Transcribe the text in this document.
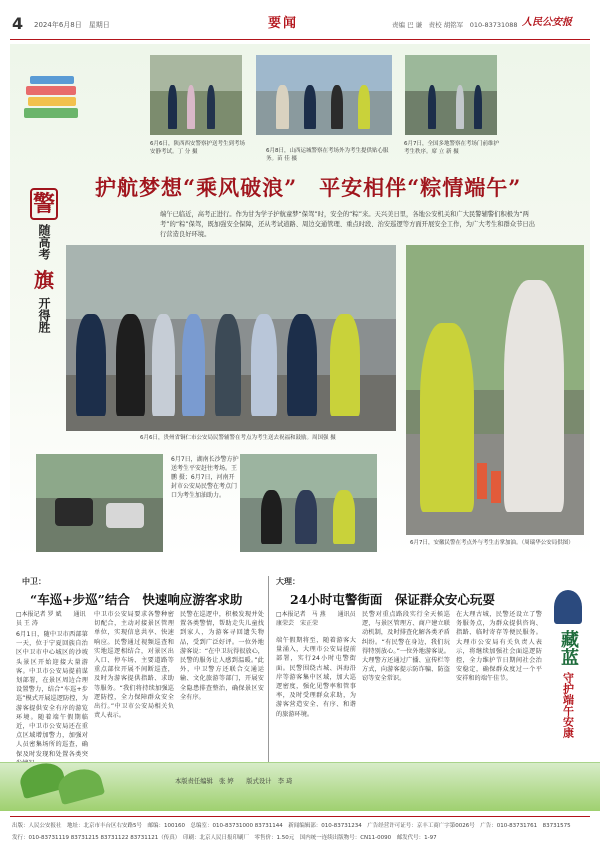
4 2024年6月8日　星期日	要闻	责编 巴 谦　责校 胡铭军　010-83731088 人民公安报
6月6日，陕西西安警察护送考生到考场安静考试。丁 分 摄	6月8日，山西运城警察在考场外为考生提供贴心服务。苗 佳 摄
6月7日，全国多地警察在考场门前维护考生秩序。席 立 新 摄
护航梦想“乘风破浪”　平安相伴“粽情端午”
警
随高考
旗
开得胜
端午已临近，高考正进行。作为甘为学子护航童梦“保驾”时，安全的“粽”来。天兴美日里，各地公安机关和广大民警辅警们积极为“两考”的“粽”保驾，既加强安全保障，还从考试道路、周边交通管理、重点时段、治安巡逻等方面开展安全工作，为广大考生和群众节日出行营造良好环境。
6月6日，贵州省铜仁市公安局民警辅警在考点为考生送去祝福和鼓励。周国强 摄
6月7日，安徽民警在考点外与考生击掌加油。（周瑞华公安局供图）
6月7日，湖南长沙警方护送考生平安赶往考场。王 鹏 摄；6月7日，河南开封市公安局民警在考点门口为考生加油助力。
中卫：
“车巡+步巡”结合　快速响应游客求助
□本报记者 罗 斌　　通讯员 王 涛
6月1日，随中卫市西部第一天，位于宁夏回族自治区中卫市中心城区的沙坡头景区开始迎接大量游客。中卫市公安局提前谋划部署，在景区周边合理设置警力，结合“车巡+步巡”模式开展巡逻防控，为游客提供安全有序的游览环境。随着端午假期临近，中卫市公安局还在重点区域增加警力，加强对人员密集场所的巡查，确保及时发现和处置各类突
中卫市公安局要求各警种密切配合，主动对接景区管理单位，实现信息共享、快速响应。民警通过视频巡查和实地巡逻相结合，对景区出入口、停车场、主要道路等重点部位开展不间断巡查，及时为游客提供指路、求助等服务。“我们将持续加强巡逻防控，全力保障群众安全出行。”中卫市公安局相关负责人表示。
民警在巡逻中，积极发现并处置各类警情，帮助走失儿童找到家人，为游客寻回遗失物品，受到广泛好评。一位外地游客说：“在中卫玩得很放心，民警的服务让人感到温暖。”此外，中卫警方还联合交通运输、文化旅游等部门，开展安全隐患排查整治，确保景区安全有序。
大理：
24小时屯警街面　保证群众安心玩耍
□本报记者　马 燕　　通讯员　康荣芸　宋正荣
端午假期将至，随着游客大量涌入，大理市公安局提前部署，实行24小时屯警街面。民警围绕古城、洱海沿岸等游客集中区域，加大巡逻密度，强化见警率和管事率，及时受理群众求助，为游客营造安全、有序、和谐的旅游环境。
民警对重点路段实行全天候巡逻，与景区管理方、商户建立联动机制，及时排查化解各类矛盾纠纷。“有民警在身边，我们玩得特别放心。”一位外地游客说。大理警方还通过广播、宣传栏等方式，向游客提示防诈骗、防盗窃等安全常识。
在大理古城，民警还设立了警务服务点，为群众提供咨询、指路、临时寄存等便民服务。大理市公安局有关负责人表示，将继续加强社会面巡逻防控，全力维护节日期间社会治安稳定，确保群众度过一个平安祥和的端午佳节。
藏蓝
守护端午安康
本版责任编辑　张 婷　　版式设计　李 琦
出版：人民公安报社　地址：北京市丰台区右安路5号　邮编：100160　总编室：010-83731000 83731144　新闻编辑部：010-83731234　广告经营许可证号：京丰工商广字第0026号　广告：010-83731761　83731575
发行：010-83731119 83731215 83731122 83731121（传真）　印刷：北京人民日报印刷厂　零售价：1.50元　国内统一连续出版物号：CN11-0090　邮发代号：1-97
